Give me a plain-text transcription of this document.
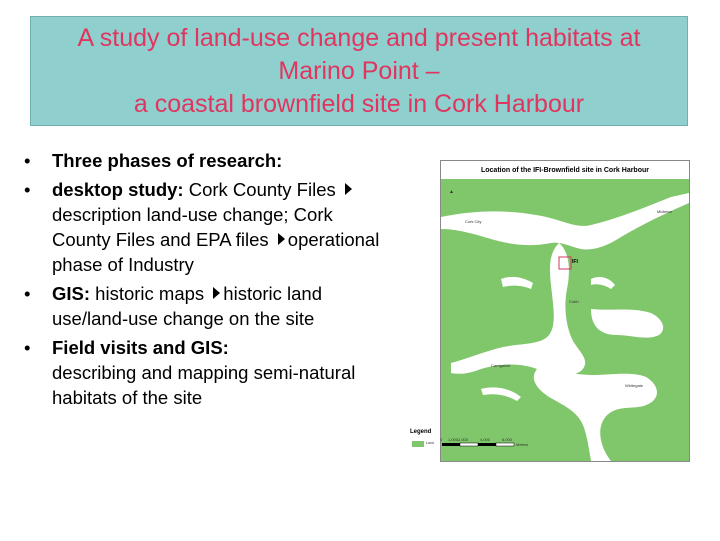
A study of land-use change and present habitats at
Marino Point –
a coastal brownfield site in Cork Harbour
• Three phases of research:
• desktop study: Cork County Files description land-use change; Cork County Files and EPA files operational phase of Industry
• GIS: historic maps historic land use/land-use change on the site
• Field visits and GIS:
describing and mapping semi-natural habitats of the site
Location of the IFI-Brownfield site in Cork Harbour
Cork City
Midleton
IFI
Cobh
Carrigaline
Whitegate
▲
Legend
Land
0 1,000 2,000	4,000	6,000
Meters
